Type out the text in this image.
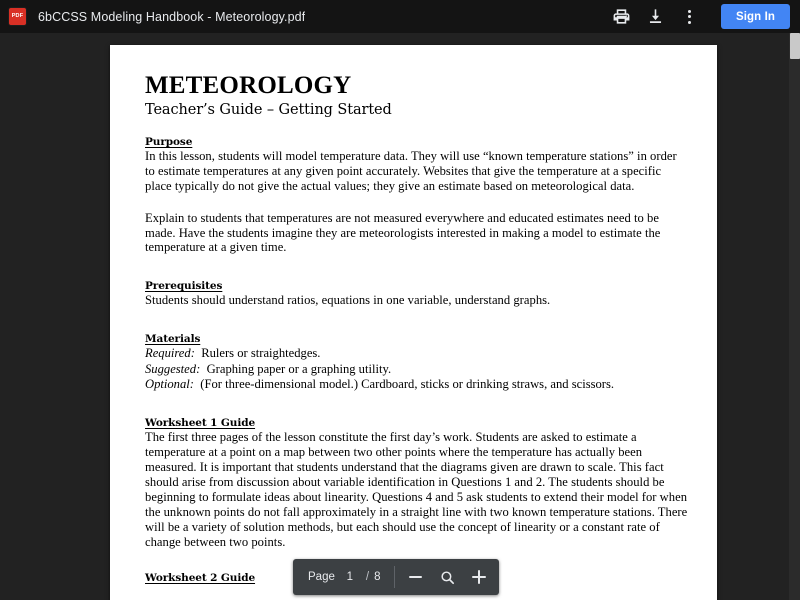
PDF 6bCCSS Modeling Handbook - Meteorology.pdf	Sign In
METEOROLOGY
Teacher’s Guide – Getting Started
Purpose

In this lesson, students will model temperature data. They will use “known temperature stations” in order to estimate temperatures at any given point accurately. Websites that give the temperature at a specific place typically do not give the actual values; they give an estimate based on meteorological data.

Explain to students that temperatures are not measured everywhere and educated estimates need to be made. Have the students imagine they are meteorologists interested in making a model to estimate the temperature at a given time.

Prerequisites

Students should understand ratios, equations in one variable, understand graphs.

Materials
Required: Rulers or straightedges.
Suggested: Graphing paper or a graphing utility.
Optional: (For three-dimensional model.) Cardboard, sticks or drinking straws, and scissors.
Worksheet 1 Guide

The first three pages of the lesson constitute the first day’s work. Students are asked to estimate a temperature at a point on a map between two other points where the temperature has actually been measured. It is important that students understand that the diagrams given are drawn to scale. This fact should arise from discussion about variable identification in Questions 1 and 2. The students should be beginning to formulate ideas about linearity. Questions 4 and 5 ask students to extend their model for when the unknown points do not fall approximately in a straight line with two known temperature stations. There will be a variety of solution methods, but each should use the concept of linearity or a constant rate of change between two points.

Worksheet 2 Guide	Page	1	/ 8
